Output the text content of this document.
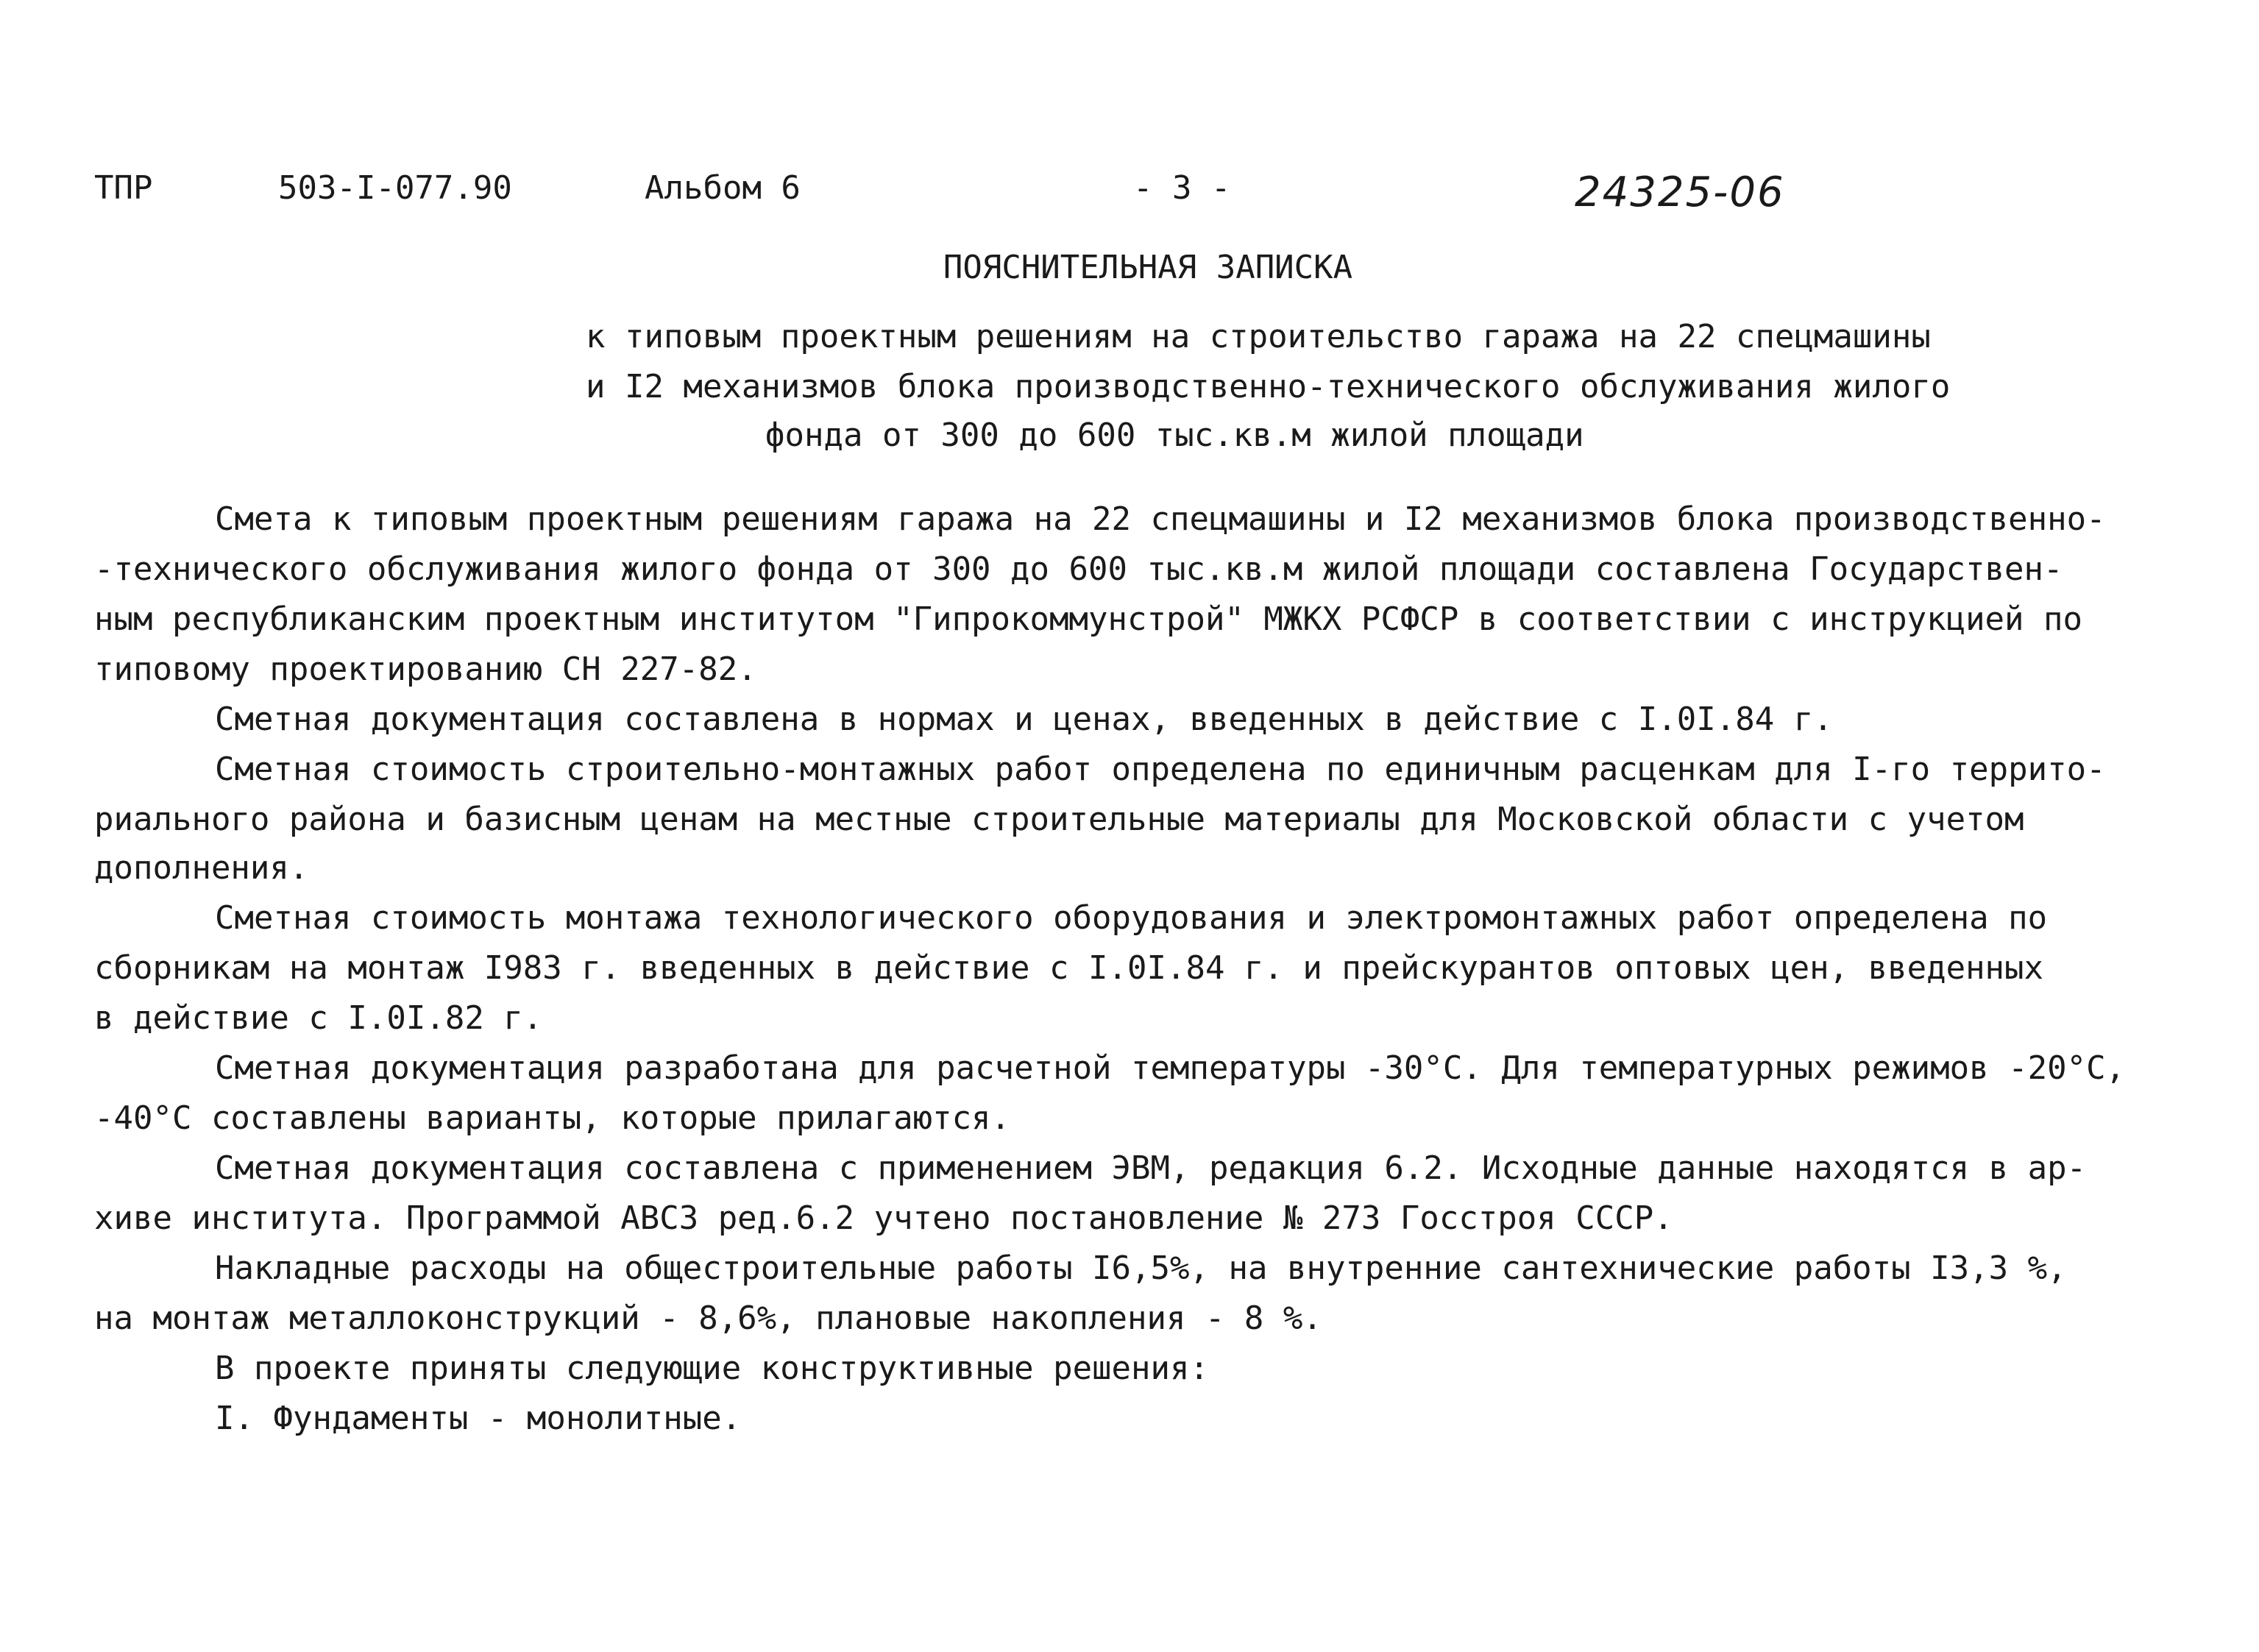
ТПР	503-I-077.90	Альбом 6	- 3 -	24325-06
ПОЯСНИТЕЛЬНАЯ ЗАПИСКА
к типовым проектным решениям на строительство гаража на 22 спецмашины
и I2 механизмов блока производственно-технического обслуживания жилого
фонда от 300 до 600 тыс.кв.м жилой площади
Смета к типовым проектным решениям гаража на 22 спецмашины и I2 механизмов блока производственно-
-технического обслуживания жилого фонда от 300 до 600 тыс.кв.м жилой площади составлена Государствен-
ным республиканским проектным институтом "Гипрокоммунстрой" МЖКХ РСФСР в соответствии с инструкцией по
типовому проектированию СН 227-82.
Сметная документация составлена в нормах и ценах, введенных в действие с I.0I.84 г.
Сметная стоимость строительно-монтажных работ определена по единичным расценкам для I-го террито-
риального района и базисным ценам на местные строительные материалы для Московской области с учетом
дополнения.
Сметная стоимость монтажа технологического оборудования и электромонтажных работ определена по
сборникам на монтаж I983 г. введенных в действие с I.0I.84 г. и прейскурантов оптовых цен, введенных
в действие с I.0I.82 г.
Сметная документация разработана для расчетной температуры -30°С. Для температурных режимов -20°С,
-40°С составлены варианты, которые прилагаются.
Сметная документация составлена с применением ЭВМ, редакция 6.2. Исходные данные находятся в ар-
хиве института. Программой АВСЗ ред.6.2 учтено постановление № 273 Госстроя СССР.
Накладные расходы на общестроительные работы I6,5%, на внутренние сантехнические работы I3,3 %,
на монтаж металлоконструкций - 8,6%, плановые накопления - 8 %.
В проекте приняты следующие конструктивные решения:
I. Фундаменты - монолитные.
